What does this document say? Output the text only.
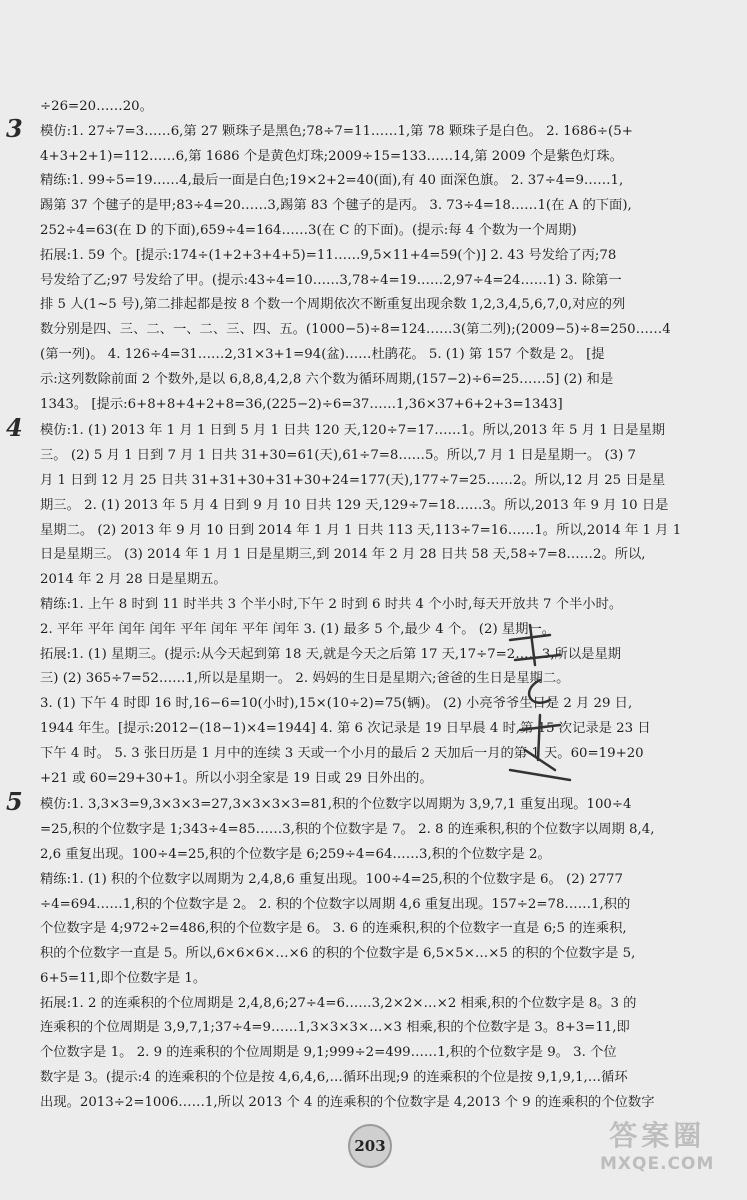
÷26=20……20。
3 模仿:1. 27÷7=3……6,第 27 颗珠子是黑色;78÷7=11……1,第 78 颗珠子是白色。 2. 1686÷(5+
4+3+2+1)=112……6,第 1686 个是黄色灯珠;2009÷15=133……14,第 2009 个是紫色灯珠。
精练:1. 99÷5=19……4,最后一面是白色;19×2+2=40(面),有 40 面深色旗。 2. 37÷4=9……1,
踢第 37 个毽子的是甲;83÷4=20……3,踢第 83 个毽子的是丙。 3. 73÷4=18……1(在 A 的下面),
252÷4=63(在 D 的下面),659÷4=164……3(在 C 的下面)。(提示:每 4 个数为一个周期)
拓展:1. 59 个。[提示:174÷(1+2+3+4+5)=11……9,5×11+4=59(个)] 2. 43 号发给了丙;78
号发给了乙;97 号发给了甲。(提示:43÷4=10……3,78÷4=19……2,97÷4=24……1) 3. 除第一
排 5 人(1~5 号),第二排起都是按 8 个数一个周期依次不断重复出现余数 1,2,3,4,5,6,7,0,对应的列
数分别是四、三、二、一、二、三、四、五。(1000−5)÷8=124……3(第二列);(2009−5)÷8=250……4
(第一列)。 4. 126÷4=31……2,31×3+1=94(盆)……杜鹃花。 5. (1) 第 157 个数是 2。 [提
示:这列数除前面 2 个数外,是以 6,8,8,4,2,8 六个数为循环周期,(157−2)÷6=25……5] (2) 和是
1343。 [提示:6+8+8+4+2+8=36,(225−2)÷6=37……1,36×37+6+2+3=1343]
4 模仿:1. (1) 2013 年 1 月 1 日到 5 月 1 日共 120 天,120÷7=17……1。所以,2013 年 5 月 1 日是星期
三。 (2) 5 月 1 日到 7 月 1 日共 31+30=61(天),61÷7=8……5。所以,7 月 1 日是星期一。 (3) 7
月 1 日到 12 月 25 日共 31+31+30+31+30+24=177(天),177÷7=25……2。所以,12 月 25 日是星
期三。 2. (1) 2013 年 5 月 4 日到 9 月 10 日共 129 天,129÷7=18……3。所以,2013 年 9 月 10 日是
星期二。 (2) 2013 年 9 月 10 日到 2014 年 1 月 1 日共 113 天,113÷7=16……1。所以,2014 年 1 月 1
日是星期三。 (3) 2014 年 1 月 1 日是星期三,到 2014 年 2 月 28 日共 58 天,58÷7=8……2。所以,
2014 年 2 月 28 日是星期五。
精练:1. 上午 8 时到 11 时半共 3 个半小时,下午 2 时到 6 时共 4 个小时,每天开放共 7 个半小时。
2. 平年 平年 闰年 闰年 平年 闰年 平年 闰年 3. (1) 最多 5 个,最少 4 个。 (2) 星期一。
拓展:1. (1) 星期三。(提示:从今天起到第 18 天,就是今天之后第 17 天,17÷7=2……3,所以是星期
三) (2) 365÷7=52……1,所以是星期一。 2. 妈妈的生日是星期六;爸爸的生日是星期二。
3. (1) 下午 4 时即 16 时,16−6=10(小时),15×(10÷2)=75(辆)。 (2) 小亮爷爷生日是 2 月 29 日,
1944 年生。[提示:2012−(18−1)×4=1944] 4. 第 6 次记录是 19 日早晨 4 时,第 15 次记录是 23 日
下午 4 时。 5. 3 张日历是 1 月中的连续 3 天或一个小月的最后 2 天加后一月的第 1 天。60=19+20
+21 或 60=29+30+1。所以小羽全家是 19 日或 29 日外出的。
5 模仿:1. 3,3×3=9,3×3×3=27,3×3×3×3=81,积的个位数字以周期为 3,9,7,1 重复出现。100÷4
=25,积的个位数字是 1;343÷4=85……3,积的个位数字是 7。 2. 8 的连乘积,积的个位数字以周期 8,4,
2,6 重复出现。100÷4=25,积的个位数字是 6;259÷4=64……3,积的个位数字是 2。
精练:1. (1) 积的个位数字以周期为 2,4,8,6 重复出现。100÷4=25,积的个位数字是 6。 (2) 2777
÷4=694……1,积的个位数字是 2。 2. 积的个位数字以周期 4,6 重复出现。157÷2=78……1,积的
个位数字是 4;972÷2=486,积的个位数字是 6。 3. 6 的连乘积,积的个位数字一直是 6;5 的连乘积,
积的个位数字一直是 5。所以,6×6×6×…×6 的积的个位数字是 6,5×5×…×5 的积的个位数字是 5,
6+5=11,即个位数字是 1。
拓展:1. 2 的连乘积的个位周期是 2,4,8,6;27÷4=6……3,2×2×…×2 相乘,积的个位数字是 8。3 的
连乘积的个位周期是 3,9,7,1;37÷4=9……1,3×3×3×…×3 相乘,积的个位数字是 3。8+3=11,即
个位数字是 1。 2. 9 的连乘积的个位周期是 9,1;999÷2=499……1,积的个位数字是 9。 3. 个位
数字是 3。(提示:4 的连乘积的个位是按 4,6,4,6,…循环出现;9 的连乘积的个位是按 9,1,9,1,…循环
出现。2013÷2=1006……1,所以 2013 个 4 的连乘积的个位数字是 4,2013 个 9 的连乘积的个位数字
203	答案圈
MXQE.COM
